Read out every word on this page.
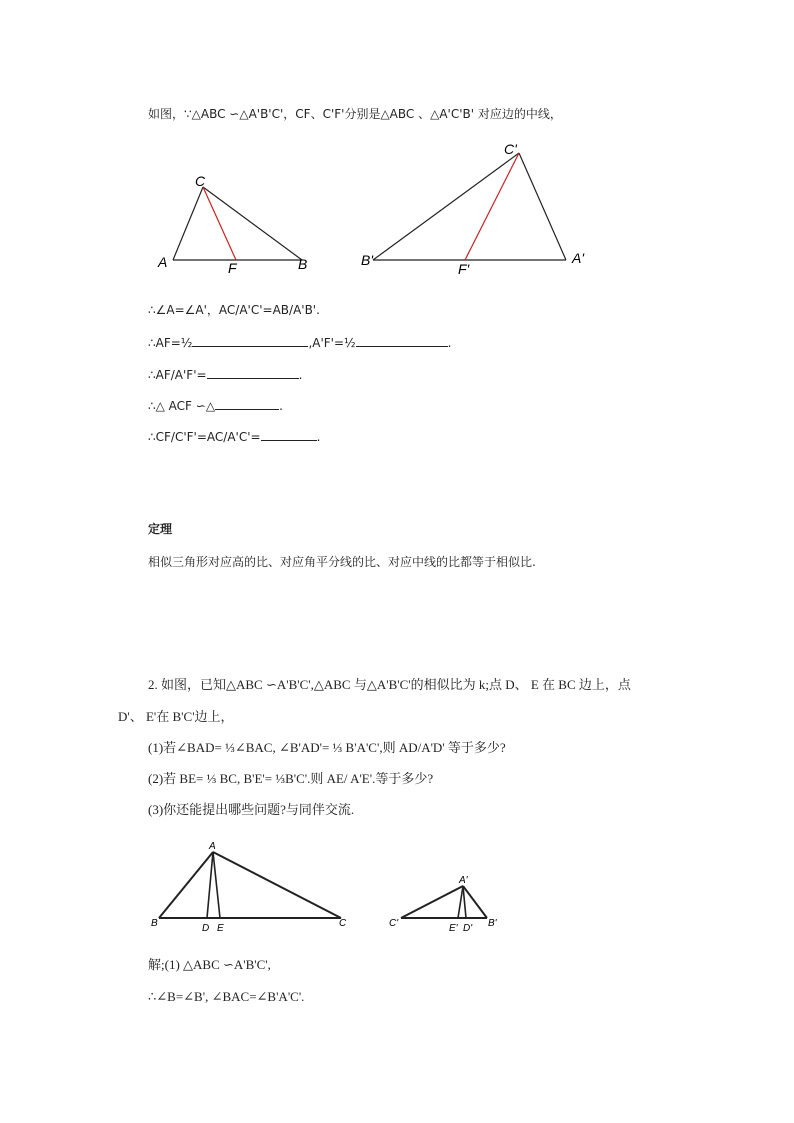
如图，∵△ABC ∽△A'B'C'，CF、C'F'分别是△ABC 、△A'C'B' 对应边的中线，
A
C
F	B	B'
C'
F'
A'
∴∠A=∠A'，AC/A'C'=AB/A'B'.
∴AF=½	,A'F'=½	.
∴AF/A'F'=	.
∴△ ACF ∽△	.
∴CF/C'F'=AC/A'C'=	.
定理
相似三角形对应高的比、对应角平分线的比、对应中线的比都等于相似比.
2. 如图，已知△ABC ∽A'B'C',△ABC 与△A'B'C'的相似比为 k;点 D、 E 在 BC 边上，点
D'、 E'在 B'C'边上，
(1)若∠BAD= ⅓∠BAC, ∠B'AD'= ⅓ B'A'C',则 AD/A'D' 等于多少?
(2)若 BE= ⅓ BC, B'E'= ⅓B'C'.则 AE/ A'E'.等于多少?
(3)你还能提出哪些问题?与同伴交流.
A
B	D E	C
A'
C'	E' D' B'
解;(1) △ABC ∽A'B'C',
∴∠B=∠B', ∠BAC=∠B'A'C'.
